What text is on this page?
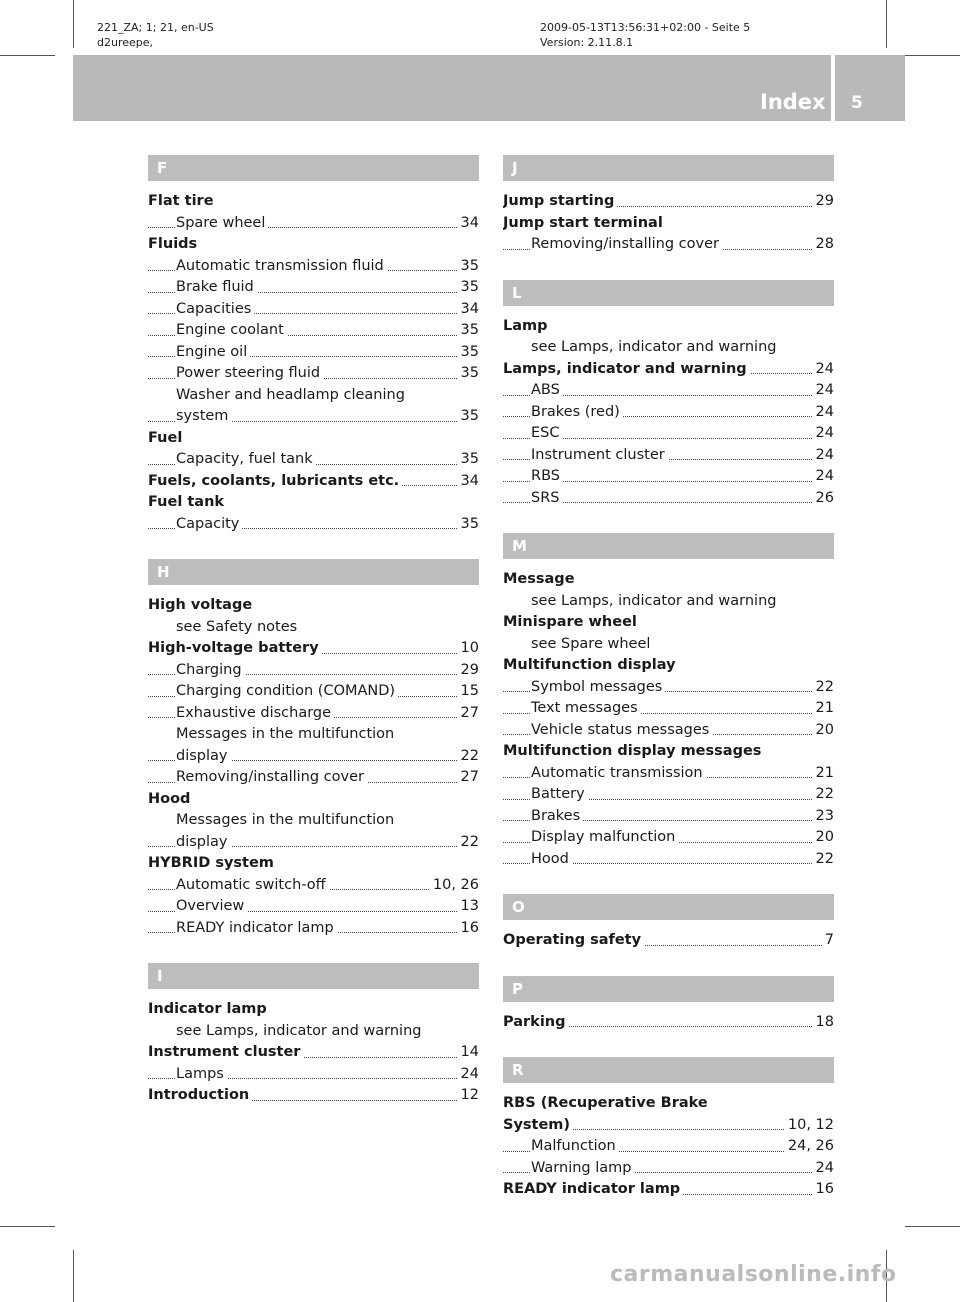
221_ZA; 1; 21, en-US
d2ureepe,
2009-05-13T13:56:31+02:00 - Seite 5
Version: 2.11.8.1
Index 5
F
Flat tire
Spare wheel	34
Fluids
Automatic transmission fluid	35
Brake fluid	35
Capacities	34
Engine coolant	35
Engine oil	35
Power steering fluid	35
Washer and headlamp cleaning
system	35
Fuel
Capacity, fuel tank	35
Fuels, coolants, lubricants etc.	34
Fuel tank
Capacity	35
H
High voltage
see Safety notes
High-voltage battery	10
Charging	29
Charging condition (COMAND)	15
Exhaustive discharge	27
Messages in the multifunction
display	22
Removing/installing cover	27
Hood
Messages in the multifunction
display	22
HYBRID system
Automatic switch-off	10, 26
Overview	13
READY indicator lamp	16
I
Indicator lamp
see Lamps, indicator and warning
Instrument cluster	14
Lamps	24
Introduction	12
J
Jump starting	29
Jump start terminal
Removing/installing cover	28
L
Lamp
see Lamps, indicator and warning
Lamps, indicator and warning	24
ABS	24
Brakes (red)	24
ESC	24
Instrument cluster	24
RBS	24
SRS	26
M
Message
see Lamps, indicator and warning
Minispare wheel
see Spare wheel
Multifunction display
Symbol messages	22
Text messages	21
Vehicle status messages	20
Multifunction display messages
Automatic transmission	21
Battery	22
Brakes	23
Display malfunction	20
Hood	22
O
Operating safety	7
P
Parking	18
R
RBS (Recuperative Brake
System)	10, 12
Malfunction	24, 26
Warning lamp	24
READY indicator lamp	16
carmanualsonline.info
